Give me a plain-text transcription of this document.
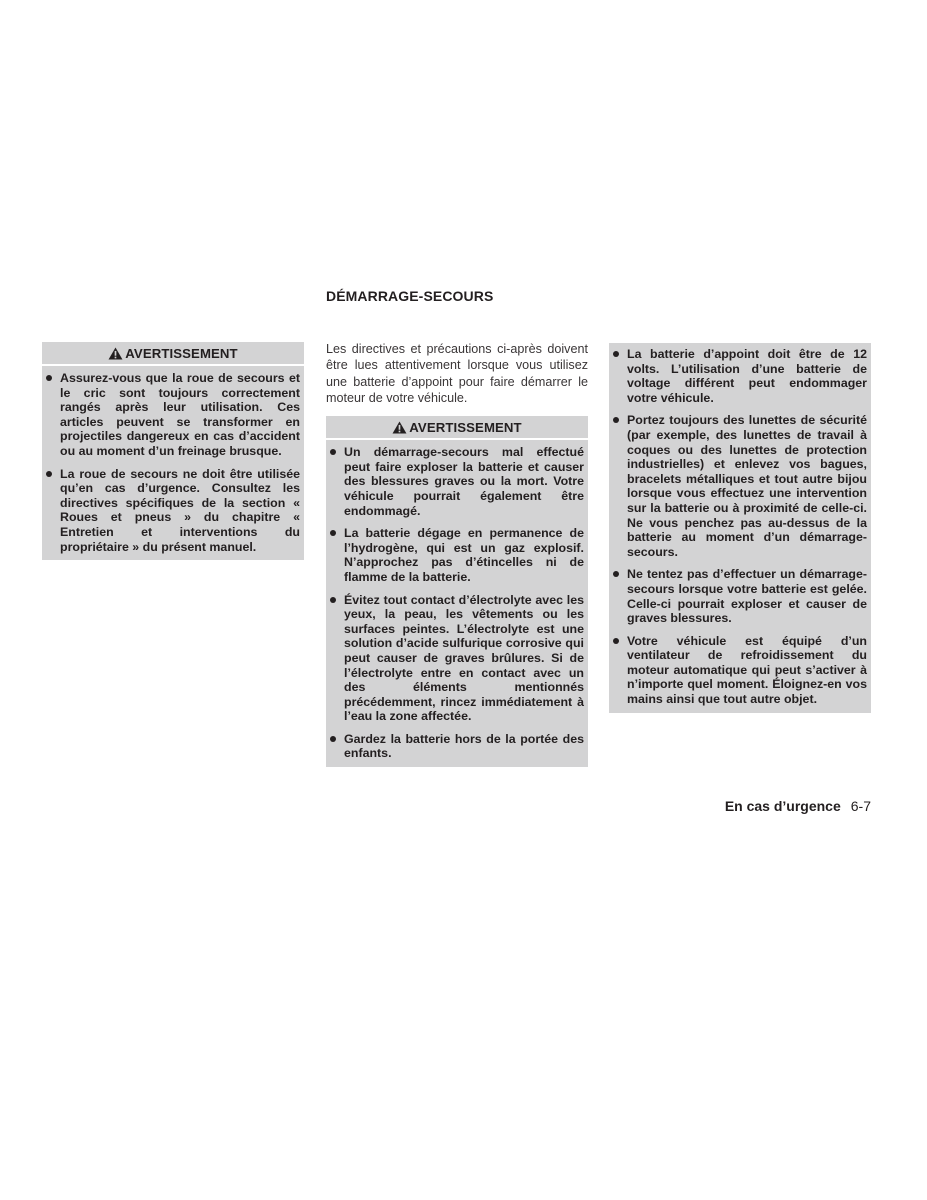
DÉMARRAGE-SECOURS
AVERTISSEMENT
Assurez-vous que la roue de secours et le cric sont toujours correctement rangés après leur utilisation. Ces articles peuvent se transformer en projectiles dangereux en cas d’accident ou au moment d’un freinage brusque.
La roue de secours ne doit être utilisée qu’en cas d’urgence. Consultez les directives spécifiques de la section « Roues et pneus » du chapitre « Entretien et interventions du propriétaire » du présent manuel.

Les directives et précautions ci-après doivent être lues attentivement lorsque vous utilisez une batterie d’appoint pour faire démarrer le moteur de votre véhicule.

AVERTISSEMENT
Un démarrage-secours mal effectué peut faire exploser la batterie et causer des blessures graves ou la mort. Votre véhicule pourrait également être endommagé.
La batterie dégage en permanence de l’hydrogène, qui est un gaz explosif. N’approchez pas d’étincelles ni de flamme de la batterie.
Évitez tout contact d’électrolyte avec les yeux, la peau, les vêtements ou les surfaces peintes. L’électrolyte est une solution d’acide sulfurique corrosive qui peut causer de graves brûlures. Si de l’électrolyte entre en contact avec un des éléments mentionnés précédemment, rincez immédiatement à l’eau la zone affectée.
Gardez la batterie hors de la portée des enfants.
La batterie d’appoint doit être de 12 volts. L’utilisation d’une batterie de voltage différent peut endommager votre véhicule.
Portez toujours des lunettes de sécurité (par exemple, des lunettes de travail à coques ou des lunettes de protection industrielles) et enlevez vos bagues, bracelets métalliques et tout autre bijou lorsque vous effectuez une intervention sur la batterie ou à proximité de celle-ci. Ne vous penchez pas au-dessus de la batterie au moment d’un démarrage-secours.
Ne tentez pas d’effectuer un démarrage-secours lorsque votre batterie est gelée. Celle-ci pourrait exploser et causer de graves blessures.
Votre véhicule est équipé d’un ventilateur de refroidissement du moteur automatique qui peut s’activer à n’importe quel moment. Éloignez-en vos mains ainsi que tout autre objet.
En cas d’urgence 6-7
